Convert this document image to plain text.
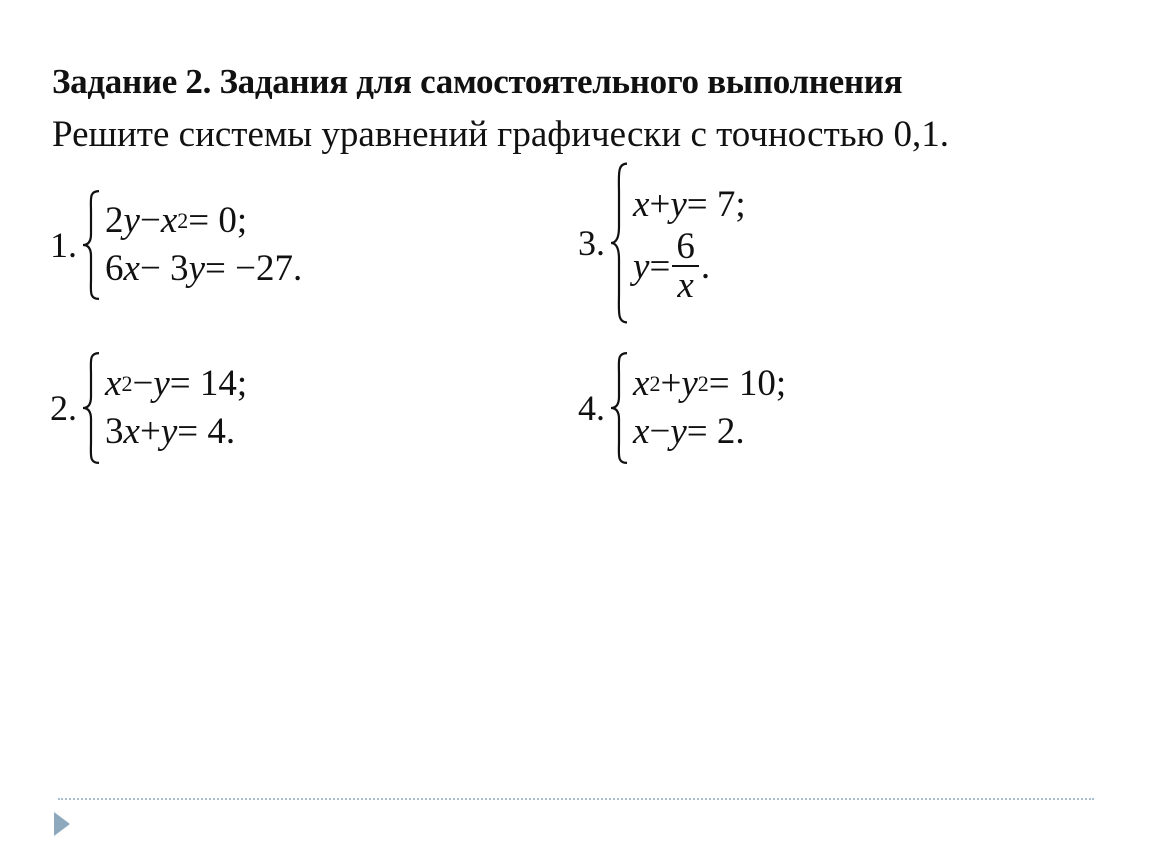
Задание 2. Задания для самостоятельного выполнения
Решите системы уравнений графически с точностью 0,1.
1.
2 y − x 2 = 0;
6 x − 3 y = −27.
2.
x 2 − y = 14;
3 x + y = 4.
3.
x + y = 7;
$y = \frac{6}{x}$ .
4.
x 2 + y 2 = 10;
x − y = 2.
